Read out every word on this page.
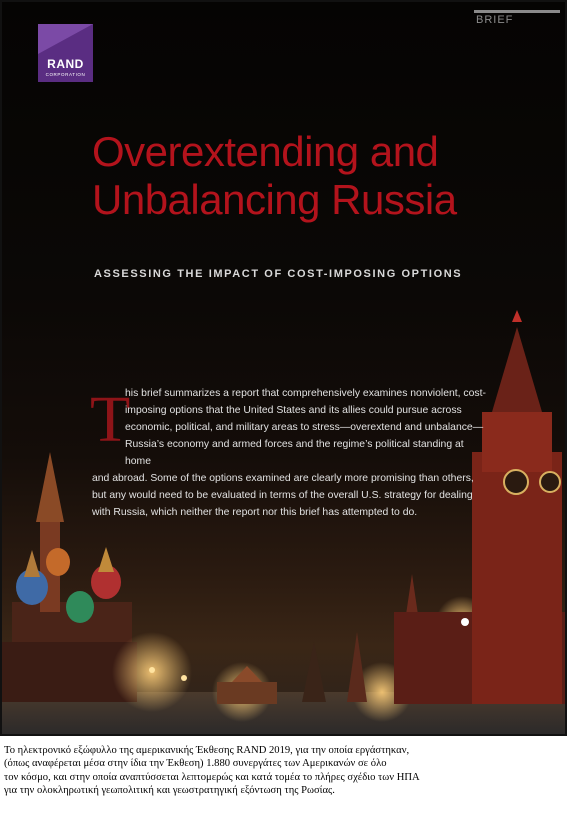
RAND
CORPORATION
BRIEF
Overextending and
Unbalancing Russia
ASSESSING THE IMPACT OF COST-IMPOSING OPTIONS
T

his brief summarizes a report that comprehensively examines nonviolent, cost-

imposing options that the United States and its allies could pursue across

economic, political, and military areas to stress—overextend and unbalance—

Russia’s economy and armed forces and the regime’s political standing at home

and abroad. Some of the options examined are clearly more promising than others,

but any would need to be evaluated in terms of the overall U.S. strategy for dealing

with Russia, which neither the report nor this brief has attempted to do.

Το ηλεκτρονικό εξώφυλλο της αμερικανικής Έκθεσης RAND 2019, για την οποία εργάστηκαν,

(όπως αναφέρεται μέσα στην ίδια την Έκθεση) 1.880 συνεργάτες των Αμερικανών σε όλο

τον κόσμο, και στην οποία αναπτύσσεται λεπτομερώς και κατά τομέα το πλήρες σχέδιο των ΗΠΑ

για την ολοκληρωτική γεωπολιτική και γεωστρατηγική εξόντωση της Ρωσίας.
